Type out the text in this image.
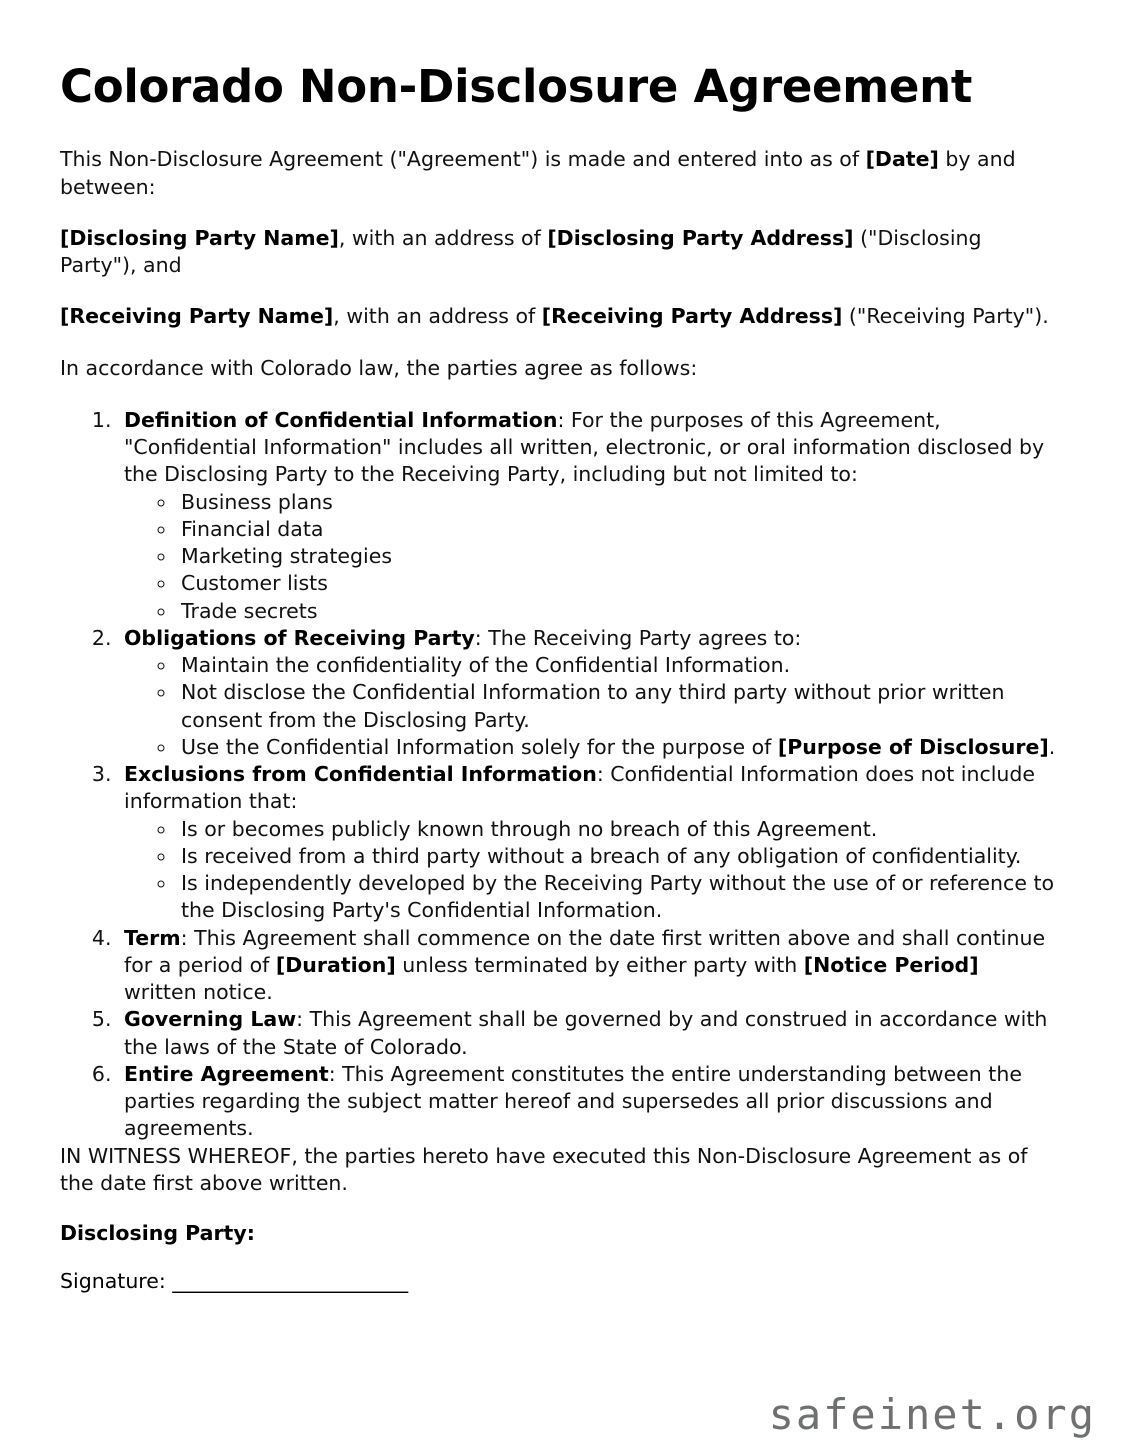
Colorado Non-Disclosure Agreement

This Non-Disclosure Agreement ("Agreement") is made and entered into as of [Date] by and between:

[Disclosing Party Name], with an address of [Disclosing Party Address] ("Disclosing Party"), and

[Receiving Party Name], with an address of [Receiving Party Address] ("Receiving Party").

In accordance with Colorado law, the parties agree as follows:

1. Definition of Confidential Information: For the purposes of this Agreement, "Confidential Information" includes all written, electronic, or oral information disclosed by the Disclosing Party to the Receiving Party, including but not limited to:
◦ Business plans
◦ Financial data
◦ Marketing strategies
◦ Customer lists
◦ Trade secrets
2. Obligations of Receiving Party: The Receiving Party agrees to:
◦ Maintain the confidentiality of the Confidential Information.
◦ Not disclose the Confidential Information to any third party without prior written consent from the Disclosing Party.
◦ Use the Confidential Information solely for the purpose of [Purpose of Disclosure].
3. Exclusions from Confidential Information: Confidential Information does not include information that:
◦ Is or becomes publicly known through no breach of this Agreement.
◦ Is received from a third party without a breach of any obligation of confidentiality.
◦ Is independently developed by the Receiving Party without the use of or reference to the Disclosing Party's Confidential Information.
4. Term: This Agreement shall commence on the date first written above and shall continue for a period of [Duration] unless terminated by either party with [Notice Period] written notice.
5. Governing Law: This Agreement shall be governed by and construed in accordance with the laws of the State of Colorado.
6. Entire Agreement: This Agreement constitutes the entire understanding between the parties regarding the subject matter hereof and supersedes all prior discussions and agreements.

IN WITNESS WHEREOF, the parties hereto have executed this Non-Disclosure Agreement as of the date first above written.

Disclosing Party:

Signature: _______________________

safeinet.org
